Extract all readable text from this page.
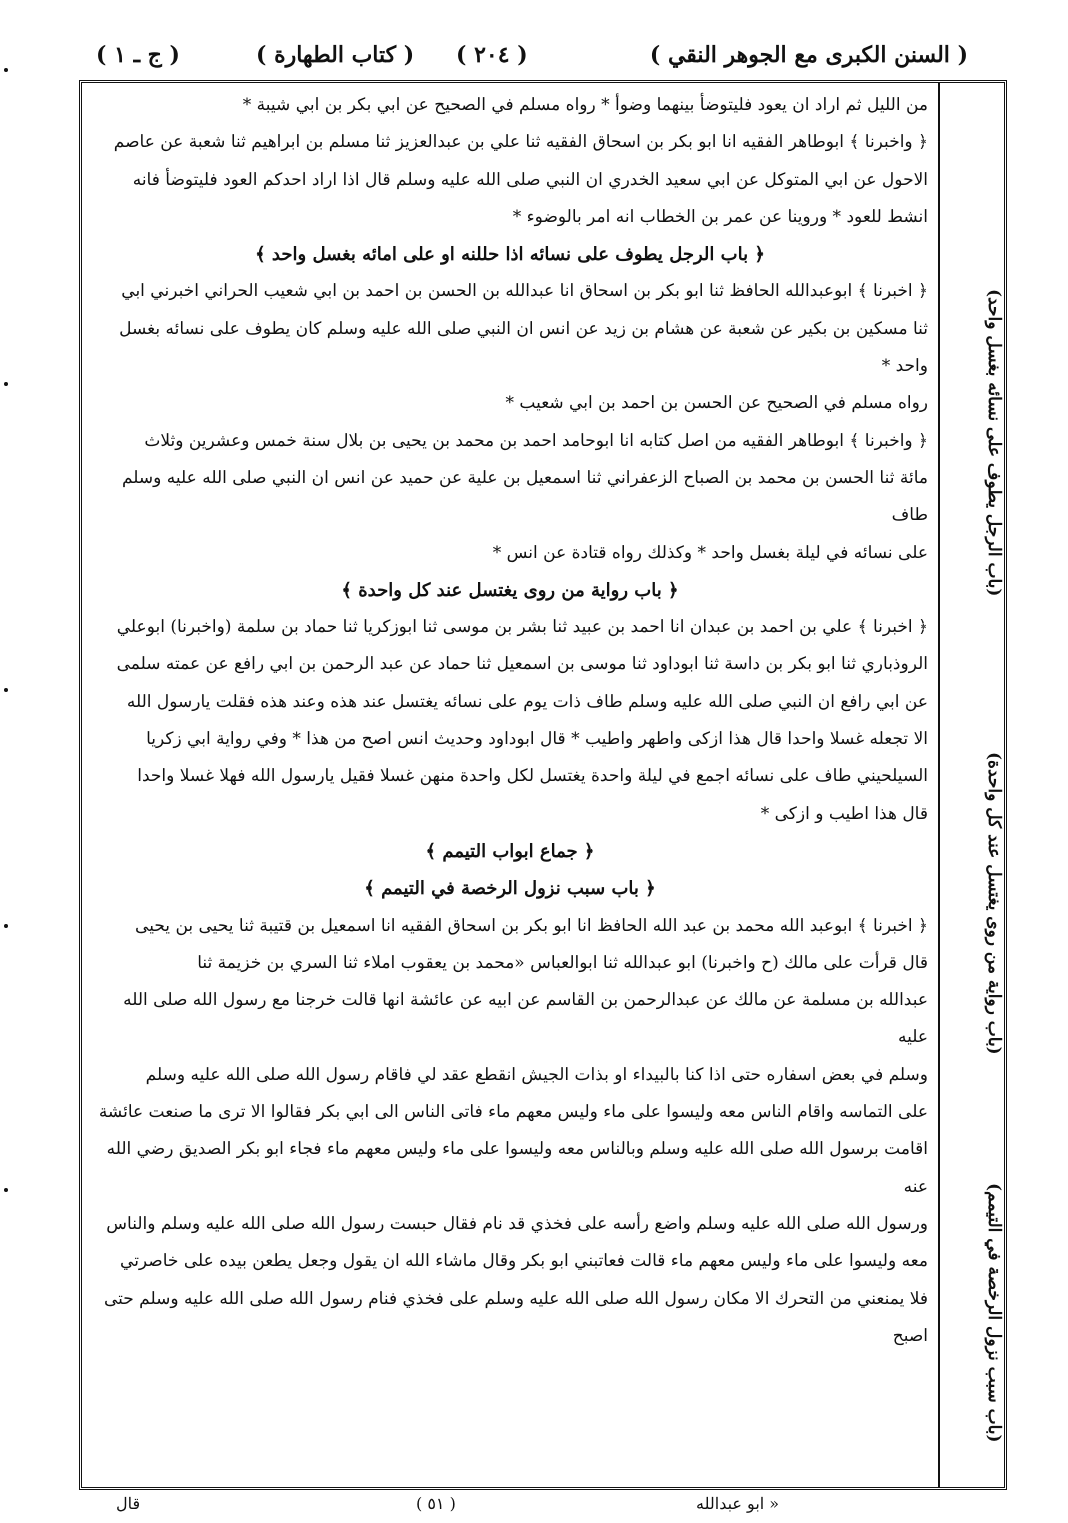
( السنن الكبرى مع الجوهر النقي )
( ٢٠٤ )
( كتاب الطهارة )
( ج ـ ١ )

من الليل ثم اراد ان يعود فليتوضأ بينهما وضوأ * رواه مسلم في الصحيح عن ابي بكر بن ابي شيبة *

﴿ واخبرنا ﴾ ابوطاهر الفقيه انا ابو بكر بن اسحاق الفقيه ثنا علي بن عبدالعزيز ثنا مسلم بن ابراهيم ثنا شعبة عن عاصم

الاحول عن ابي المتوكل عن ابي سعيد الخدري ان النبي صلى الله عليه وسلم قال اذا اراد احدكم العود فليتوضأ فانه

انشط للعود * وروينا عن عمر بن الخطاب انه امر بالوضوء *

﴿ باب الرجل يطوف على نسائه اذا حللنه او على امائه بغسل واحد ﴾

﴿ اخبرنا ﴾ ابوعبدالله الحافظ ثنا ابو بكر بن اسحاق انا عبدالله بن الحسن بن احمد بن ابي شعيب الحراني اخبرني ابي

ثنا مسكين بن بكير عن شعبة عن هشام بن زيد عن انس ان النبي صلى الله عليه وسلم كان يطوف على نسائه بغسل واحد *

رواه مسلم في الصحيح عن الحسن بن احمد بن ابي شعيب *

﴿ واخبرنا ﴾ ابوطاهر الفقيه من اصل كتابه انا ابوحامد احمد بن محمد بن يحيى بن بلال سنة خمس وعشرين وثلاث

مائة ثنا الحسن بن محمد بن الصباح الزعفراني ثنا اسمعيل بن علية عن حميد عن انس ان النبي صلى الله عليه وسلم طاف

على نسائه في ليلة بغسل واحد * وكذلك رواه قتادة عن انس *

﴿ باب رواية من روى يغتسل عند كل واحدة ﴾

﴿ اخبرنا ﴾ علي بن احمد بن عبدان انا احمد بن عبيد ثنا بشر بن موسى ثنا ابوزكريا ثنا حماد بن سلمة (واخبرنا) ابوعلي

الروذباري ثنا ابو بكر بن داسة ثنا ابوداود ثنا موسى بن اسمعيل ثنا حماد عن عبد الرحمن بن ابي رافع عن عمته سلمى

عن ابي رافع ان النبي صلى الله عليه وسلم طاف ذات يوم على نسائه يغتسل عند هذه وعند هذه فقلت يارسول الله

الا تجعله غسلا واحدا قال هذا ازكى واطهر واطيب * قال ابوداود وحديث انس اصح من هذا * وفي رواية ابي زكريا

السيلحيني طاف على نسائه اجمع في ليلة واحدة يغتسل لكل واحدة منهن غسلا فقيل يارسول الله فهلا غسلا واحدا

قال هذا اطيب و ازكى *

﴿ جماع ابواب التيمم ﴾

﴿ باب سبب نزول الرخصة في التيمم ﴾

﴿ اخبرنا ﴾ ابوعبد الله محمد بن عبد الله الحافظ انا ابو بكر بن اسحاق الفقيه انا اسمعيل بن قتيبة ثنا يحيى بن يحيى

قال قرأت على مالك (ح واخبرنا) ابو عبدالله ثنا ابوالعباس «محمد بن يعقوب املاء ثنا السري بن خزيمة ثنا

عبدالله بن مسلمة عن مالك عن عبدالرحمن بن القاسم عن ابيه عن عائشة انها قالت خرجنا مع رسول الله صلى الله عليه

وسلم في بعض اسفاره حتى اذا كنا بالبيداء او بذات الجيش انقطع عقد لي فاقام رسول الله صلى الله عليه وسلم

على التماسه واقام الناس معه وليسوا على ماء وليس معهم ماء فاتى الناس الى ابي بكر فقالوا الا ترى ما صنعت عائشة

اقامت برسول الله صلى الله عليه وسلم وبالناس معه وليسوا على ماء وليس معهم ماء فجاء ابو بكر الصديق رضي الله عنه

ورسول الله صلى الله عليه وسلم واضع رأسه على فخذي قد نام فقال حبست رسول الله صلى الله عليه وسلم والناس

معه وليسوا على ماء وليس معهم ماء قالت فعاتبني ابو بكر وقال ماشاء الله ان يقول وجعل يطعن بيده على خاصرتي

فلا يمنعني من التحرك الا مكان رسول الله صلى الله عليه وسلم على فخذي فنام رسول الله صلى الله عليه وسلم حتى اصبح

(باب الرجل يطوف على نسائه بغسل واحد)
(باب رواية من روى يغتسل عند كل واحدة)
(باب سبب نزول الرخصة في التيمم)
قال	( ٥١ )	« ابو عبدالله
